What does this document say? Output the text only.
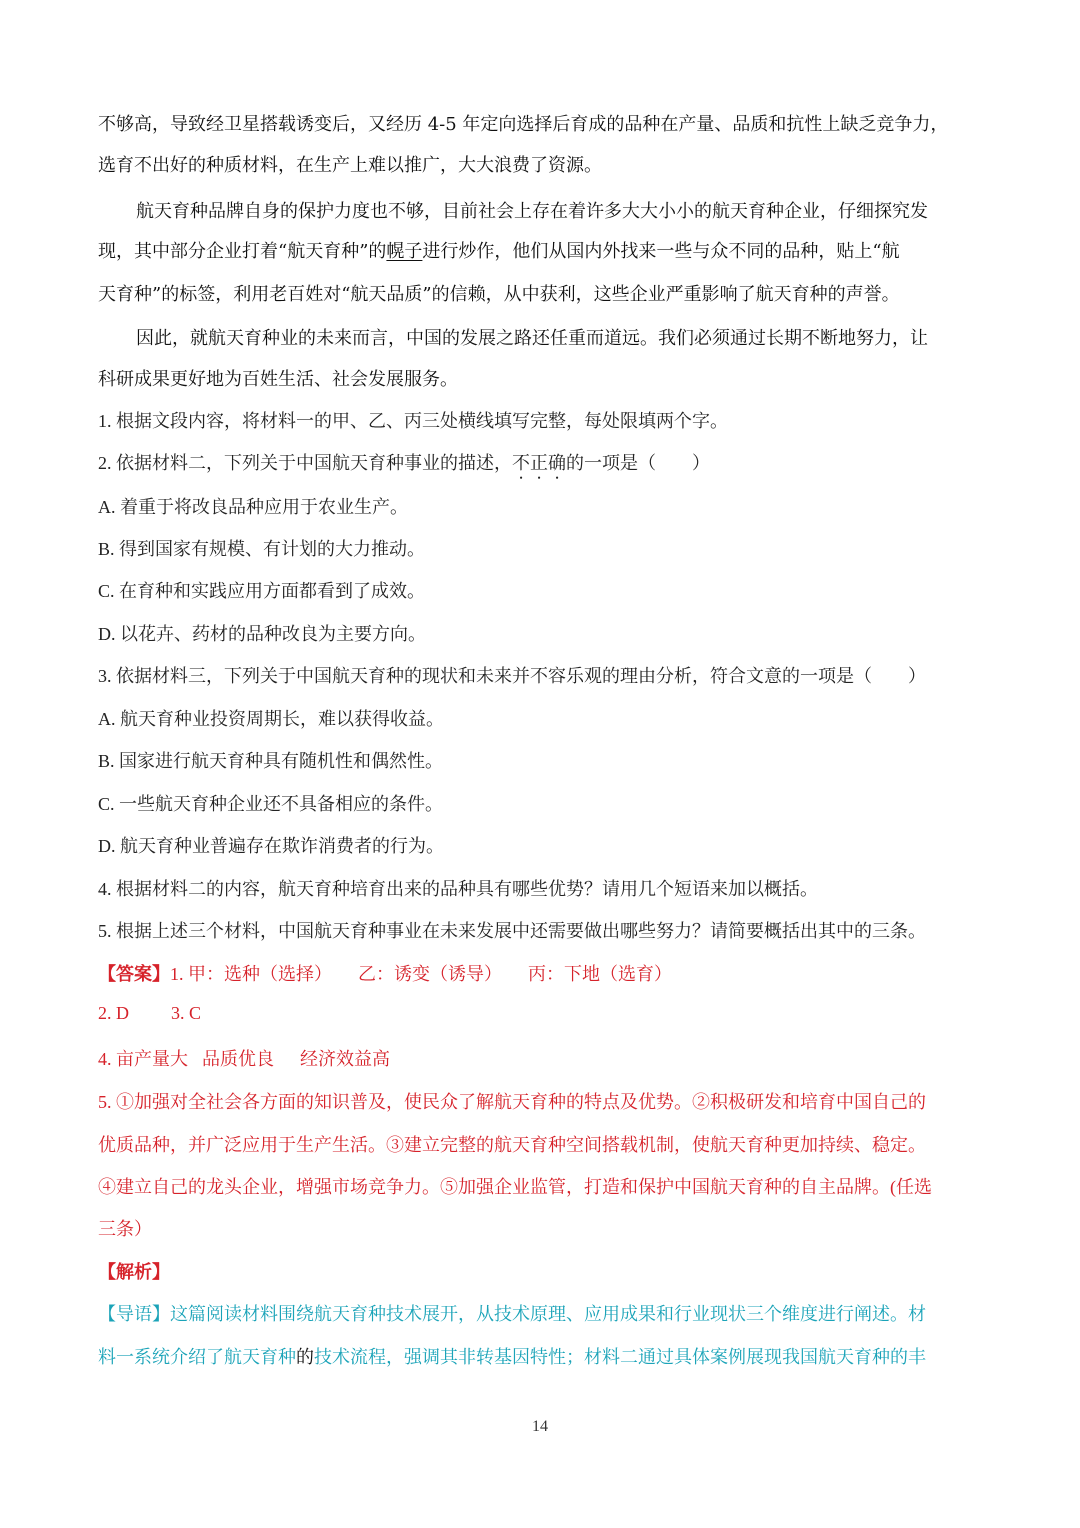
不够高，导致经卫星搭载诱变后，又经历 4-5 年定向选择后育成的品种在产量、品质和抗性上缺乏竞争力，
选育不出好的种质材料，在生产上难以推广，大大浪费了资源。
航天育种品牌自身的保护力度也不够，目前社会上存在着许多大大小小的航天育种企业，仔细探究发
现，其中部分企业打着“航天育种”的幌子进行炒作，他们从国内外找来一些与众不同的品种，贴上“航
天育种”的标签，利用老百姓对“航天品质”的信赖，从中获利，这些企业严重影响了航天育种的声誉。
因此，就航天育种业的未来而言，中国的发展之路还任重而道远。我们必须通过长期不断地努力，让
科研成果更好地为百姓生活、社会发展服务。
1. 根据文段内容，将材料一的甲、乙、丙三处横线填写完整，每处限填两个字。
2. 依据材料二，下列关于中国航天育种事业的描述，不正确的一项是（　　）
A. 着重于将改良品种应用于农业生产。
B. 得到国家有规模、有计划的大力推动。
C. 在育种和实践应用方面都看到了成效。
D. 以花卉、药材的品种改良为主要方向。
3. 依据材料三，下列关于中国航天育种的现状和未来并不容乐观的理由分析，符合文意的一项是（　　）
A. 航天育种业投资周期长，难以获得收益。
B. 国家进行航天育种具有随机性和偶然性。
C. 一些航天育种企业还不具备相应的条件。
D. 航天育种业普遍存在欺诈消费者的行为。
4. 根据材料二的内容，航天育种培育出来的品种具有哪些优势？请用几个短语来加以概括。
5. 根据上述三个材料，中国航天育种事业在未来发展中还需要做出哪些努力？请简要概括出其中的三条。
【答案】1. 甲：选种（选择） 乙：诱变（诱导） 丙：下地（选育）
2. D 3. C
4. 亩产量大 品质优良 经济效益高
5. ①加强对全社会各方面的知识普及，使民众了解航天育种的特点及优势。②积极研发和培育中国自己的
优质品种，并广泛应用于生产生活。③建立完整的航天育种空间搭载机制，使航天育种更加持续、稳定。
④建立自己的龙头企业，增强市场竞争力。⑤加强企业监管，打造和保护中国航天育种的自主品牌。(任选
三条）
【解析】
【导语】这篇阅读材料围绕航天育种技术展开，从技术原理、应用成果和行业现状三个维度进行阐述。材
料一系统介绍了航天育种的技术流程，强调其非转基因特性；材料二通过具体案例展现我国航天育种的丰
14
